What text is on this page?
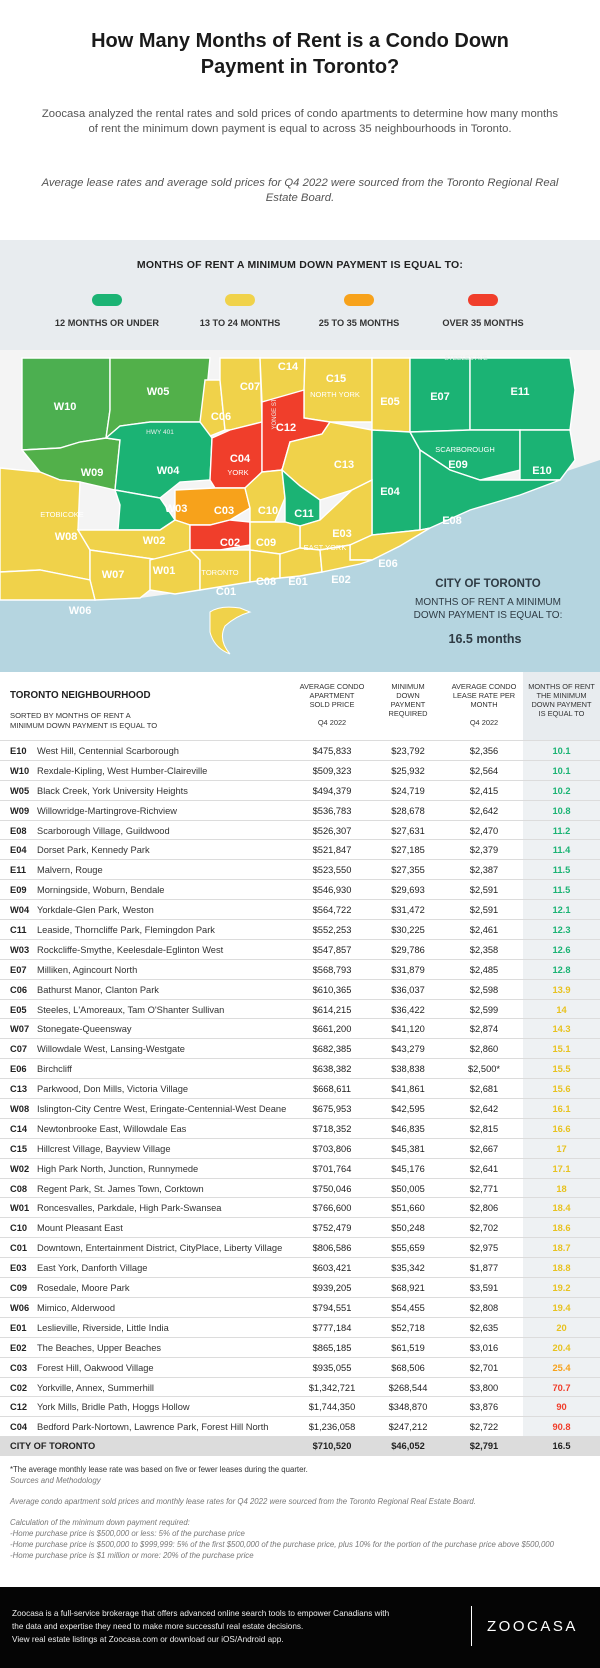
How Many Months of Rent is a Condo Down
Payment in Toronto?
Zoocasa analyzed the rental rates and sold prices of condo apartments to determine how many months of rent the minimum down payment is equal to across 35 neighbourhoods in Toronto.
Average lease rates and average sold prices for Q4 2022 were sourced from the Toronto Regional Real Estate Board.
MONTHS OF RENT A MINIMUM DOWN PAYMENT IS EQUAL TO:
12 MONTHS OR UNDER	13 TO 24 MONTHS	25 TO 35 MONTHS	OVER 35 MONTHS
W10
W05	C07
C14
C15
E05	E07	E11
W09	W04
C04
C12
C13	E09	E10
E04
W03 C03 C10 C11
E03
W08	W02	C02 C09
E08
W07	W01
C01
C08 E01 E02
E06
W06
C06
NORTH YORK
YORK
SCARBOROUGH
ETOBICOKE
EAST YORK
TORONTO
HWY 401
STEELES AVE
YONGE ST
CITY OF TORONTO
MONTHS OF RENT A MINIMUM
DOWN PAYMENT IS EQUAL TO:
16.5 months
TORONTO NEIGHBOURHOOD
SORTED BY MONTHS OF RENT A
MINIMUM DOWN PAYMENT IS EQUAL TO
AVERAGE CONDO
APARTMENT
SOLD PRICE
Q4 2022
MINIMUM
DOWN
PAYMENT
REQUIRED
AVERAGE CONDO
LEASE RATE PER
MONTH
Q4 2022
MONTHS OF RENT
THE MINIMUM
DOWN PAYMENT
IS EQUAL TO
E10 West Hill, Centennial Scarborough	$475,833	$23,792	$2,356	10.1
W10 Rexdale-Kipling, West Humber-Claireville	$509,323	$25,932	$2,564	10.1
W05 Black Creek, York University Heights	$494,379	$24,719	$2,415	10.2
W09 Willowridge-Martingrove-Richview	$536,783	$28,678	$2,642	10.8
E08 Scarborough Village, Guildwood	$526,307	$27,631	$2,470	11.2
E04 Dorset Park, Kennedy Park	$521,847	$27,185	$2,379	11.4
E11 Malvern, Rouge	$523,550	$27,355	$2,387	11.5
E09 Morningside, Woburn, Bendale	$546,930	$29,693	$2,591	11.5
W04 Yorkdale-Glen Park, Weston	$564,722	$31,472	$2,591	12.1
C11 Leaside, Thorncliffe Park, Flemingdon Park	$552,253	$30,225	$2,461	12.3
W03 Rockcliffe-Smythe, Keelesdale-Eglinton West	$547,857	$29,786	$2,358	12.6
E07 Milliken, Agincourt North	$568,793	$31,879	$2,485	12.8
C06 Bathurst Manor, Clanton Park	$610,365	$36,037	$2,598	13.9
E05 Steeles, L'Amoreaux, Tam O'Shanter Sullivan	$614,215	$36,422	$2,599	14
W07 Stonegate-Queensway	$661,200	$41,120	$2,874	14.3
C07 Willowdale West, Lansing-Westgate	$682,385	$43,279	$2,860	15.1
E06 Birchcliff	$638,382	$38,838	$2,500*	15.5
C13 Parkwood, Don Mills, Victoria Village	$668,611	$41,861	$2,681	15.6
W08 Islington-City Centre West, Eringate-Centennial-West Deane	$675,953	$42,595	$2,642	16.1
C14 Newtonbrooke East, Willowdale Eas	$718,352	$46,835	$2,815	16.6
C15 Hillcrest Village, Bayview Village	$703,806	$45,381	$2,667	17
W02 High Park North, Junction, Runnymede	$701,764	$45,176	$2,641	17.1
C08 Regent Park, St. James Town, Corktown	$750,046	$50,005	$2,771	18
W01 Roncesvalles, Parkdale, High Park-Swansea	$766,600	$51,660	$2,806	18.4
C10 Mount Pleasant East	$752,479	$50,248	$2,702	18.6
C01 Downtown, Entertainment District, CityPlace, Liberty Village	$806,586	$55,659	$2,975	18.7
E03 East York, Danforth Village	$603,421	$35,342	$1,877	18.8
C09 Rosedale, Moore Park	$939,205	$68,921	$3,591	19.2
W06 Mimico, Alderwood	$794,551	$54,455	$2,808	19.4
E01 Leslieville, Riverside, Little India	$777,184	$52,718	$2,635	20
E02 The Beaches, Upper Beaches	$865,185	$61,519	$3,016	20.4
C03 Forest Hill, Oakwood Village	$935,055	$68,506	$2,701	25.4
C02 Yorkville, Annex, Summerhill	$1,342,721	$268,544	$3,800	70.7
C12 York Mills, Bridle Path, Hoggs Hollow	$1,744,350	$348,870	$3,876	90
C04 Bedford Park-Nortown, Lawrence Park, Forest Hill North	$1,236,058	$247,212	$2,722	90.8
CITY OF TORONTO	$710,520	$46,052	$2,791	16.5
*The average monthly lease rate was based on five or fewer leases during the quarter.
Sources and Methodology
Average condo apartment sold prices and monthly lease rates for Q4 2022 were sourced from the Toronto Regional Real Estate Board.
Calculation of the minimum down payment required:
-Home purchase price is $500,000 or less: 5% of the purchase price
-Home purchase price is $500,000 to $999,999: 5% of the first $500,000 of the purchase price, plus 10% for the portion of the purchase price above $500,000
-Home purchase price is $1 million or more: 20% of the purchase price
Zoocasa is a full-service brokerage that offers advanced online search tools to empower Canadians with
the data and expertise they need to make more successful real estate decisions.
View real estate listings at Zoocasa.com or download our iOS/Android app.
ZOOCASA
